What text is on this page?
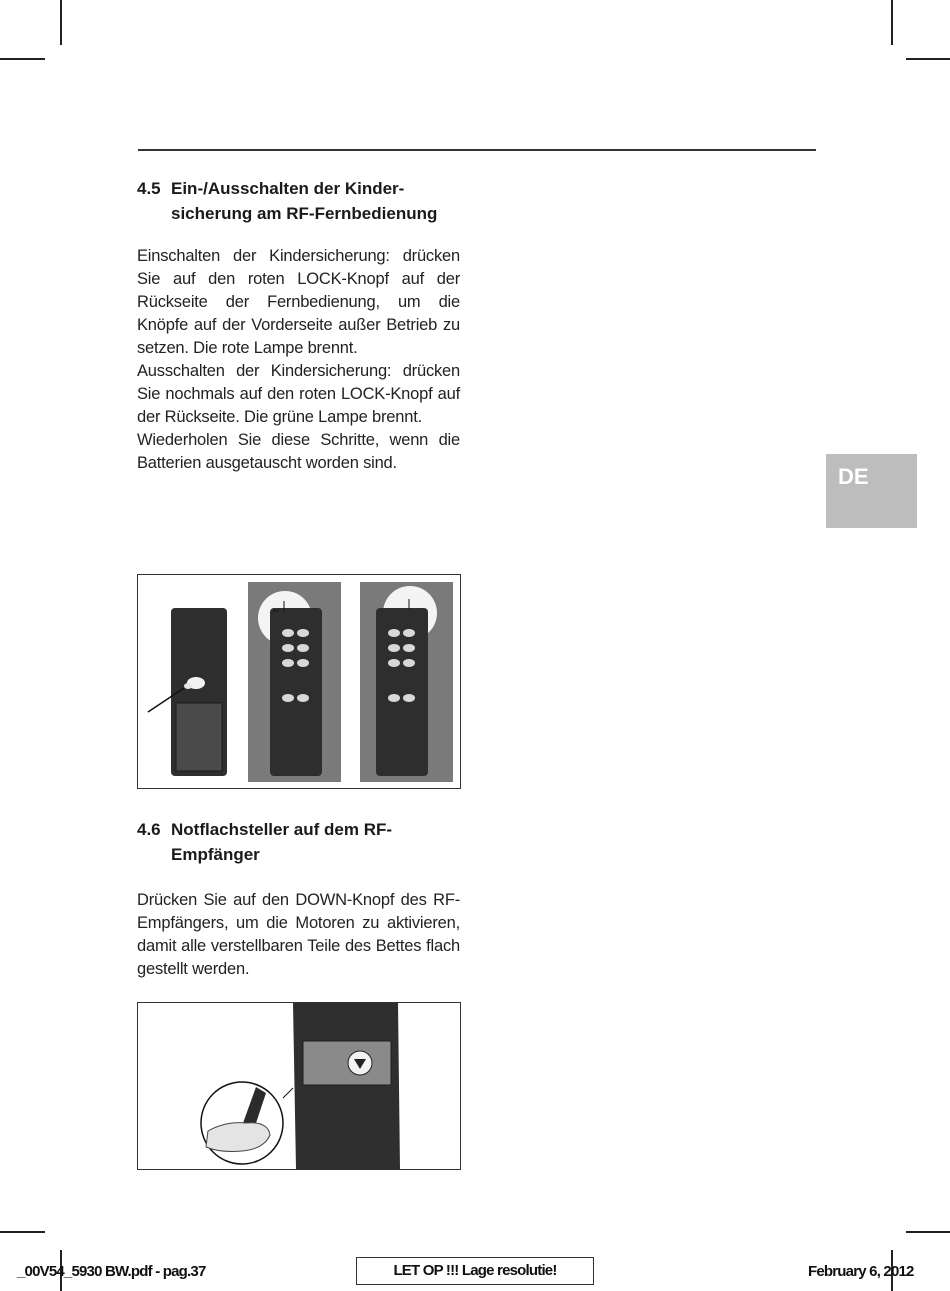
4.5 Ein-/Ausschalten der Kinder-
sicherung am RF-Fernbedienung

Einschalten der Kindersicherung: drücken Sie auf den roten LOCK-Knopf auf der Rückseite der Fernbedienung, um die Knöpfe auf der Vorderseite außer Betrieb zu setzen. Die rote Lampe brennt.

Ausschalten der Kindersicherung: drücken Sie nochmals auf den roten LOCK-Knopf auf der Rückseite. Die grüne Lampe brennt.

Wiederholen Sie diese Schritte, wenn die Batterien ausgetauscht worden sind.

4.6 Notflachsteller auf dem RF-
Empfänger

Drücken Sie auf den DOWN-Knopf des RF-Empfängers, um die Motoren zu aktivieren, damit alle verstellbaren Teile des Bettes flach gestellt werden.

DE
_00V54_5930 BW.pdf - pag.37	LET OP !!! Lage resolutie!	February 6, 2012
